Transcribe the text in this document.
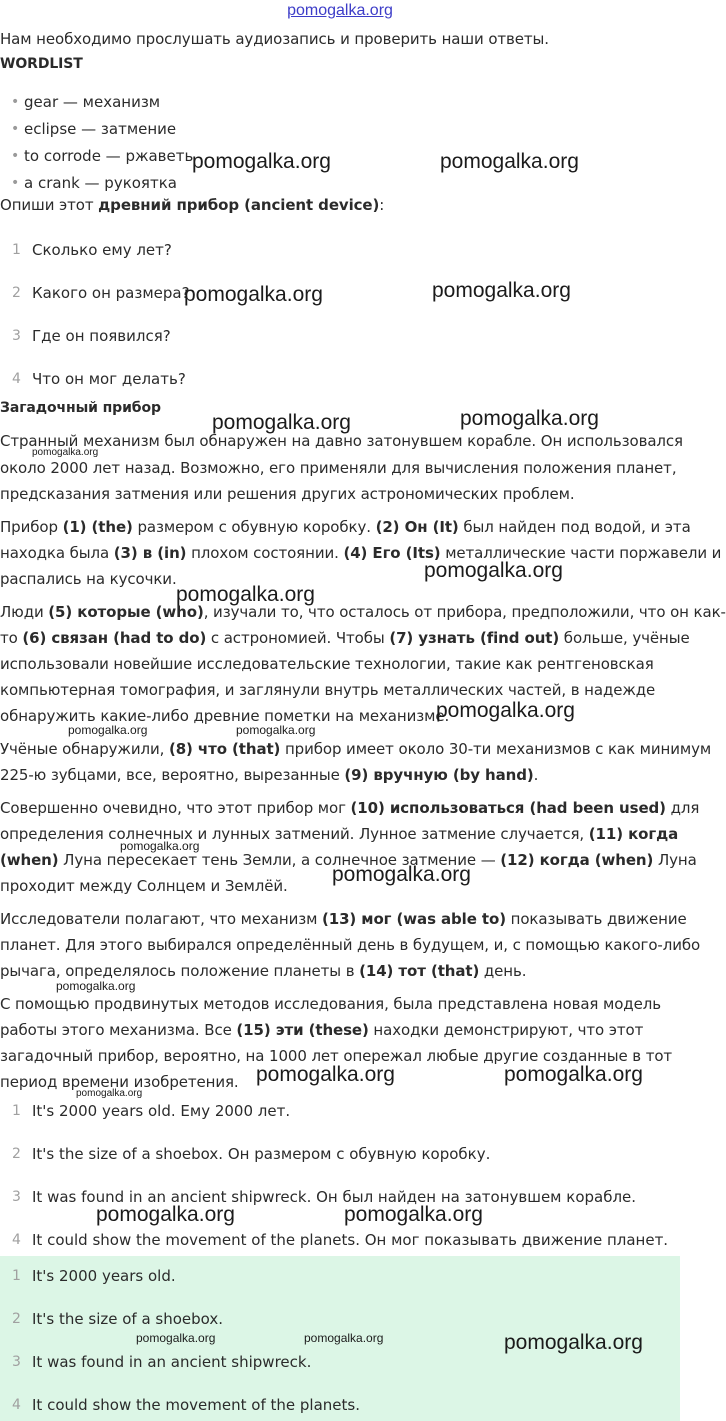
pomogalka.org
Нам необходимо прослушать аудиозапись и проверить наши ответы.
WORDLIST
• gear — механизм
• eclipse — затмение
• to corrode — ржаветь
• a crank — рукоятка
Опиши этот древний прибор (ancient device):
1 Сколько ему лет?
2 Какого он размера?
3 Где он появился?
4 Что он мог делать?
Загадочный прибор
Странный механизм был обнаружен на давно затонувшем корабле. Он использовался
около 2000 лет назад. Возможно, его применяли для вычисления положения планет,
предсказания затмения или решения других астрономических проблем.
Прибор (1) (the) размером с обувную коробку. (2) Он (It) был найден под водой, и эта
находка была (3) в (in) плохом состоянии. (4) Его (Its) металлические части поржавели и
распались на кусочки.
Люди (5) которые (who), изучали то, что осталось от прибора, предположили, что он как-
то (6) связан (had to do) с астрономией. Чтобы (7) узнать (find out) больше, учёные
использовали новейшие исследовательские технологии, такие как рентгеновская
компьютерная томография, и заглянули внутрь металлических частей, в надежде
обнаружить какие-либо древние пометки на механизме.
Учёные обнаружили, (8) что (that) прибор имеет около 30-ти механизмов с как минимум
225-ю зубцами, все, вероятно, вырезанные (9) вручную (by hand).
Совершенно очевидно, что этот прибор мог (10) использоваться (had been used) для
определения солнечных и лунных затмений. Лунное затмение случается, (11) когда
(when) Луна пересекает тень Земли, а солнечное затмение — (12) когда (when) Луна
проходит между Солнцем и Землёй.
Исследователи полагают, что механизм (13) мог (was able to) показывать движение
планет. Для этого выбирался определённый день в будущем, и, с помощью какого-либо
рычага, определялось положение планеты в (14) тот (that) день.
С помощью продвинутых методов исследования, была представлена новая модель
работы этого механизма. Все (15) эти (these) находки демонстрируют, что этот
загадочный прибор, вероятно, на 1000 лет опережал любые другие созданные в тот
период времени изобретения.
1 It's 2000 years old. Ему 2000 лет.
2 It's the size of a shoebox. Он размером с обувную коробку.
3 It was found in an ancient shipwreck. Он был найден на затонувшем корабле.
4 It could show the movement of the planets. Он мог показывать движение планет.
1 It's 2000 years old.
2 It's the size of a shoebox.
3 It was found in an ancient shipwreck.
4 It could show the movement of the planets.
pomogalka.org	pomogalka.org
pomogalka.org	pomogalka.org
pomogalka.org	pomogalka.org
pomogalka.org
pomogalka.org
pomogalka.org
pomogalka.org
pomogalka.org	pomogalka.org
pomogalka.org
pomogalka.org
pomogalka.org
pomogalka.org	pomogalka.org
pomogalka.org
pomogalka.org	pomogalka.org
pomogalka.org	pomogalka.org	pomogalka.org
